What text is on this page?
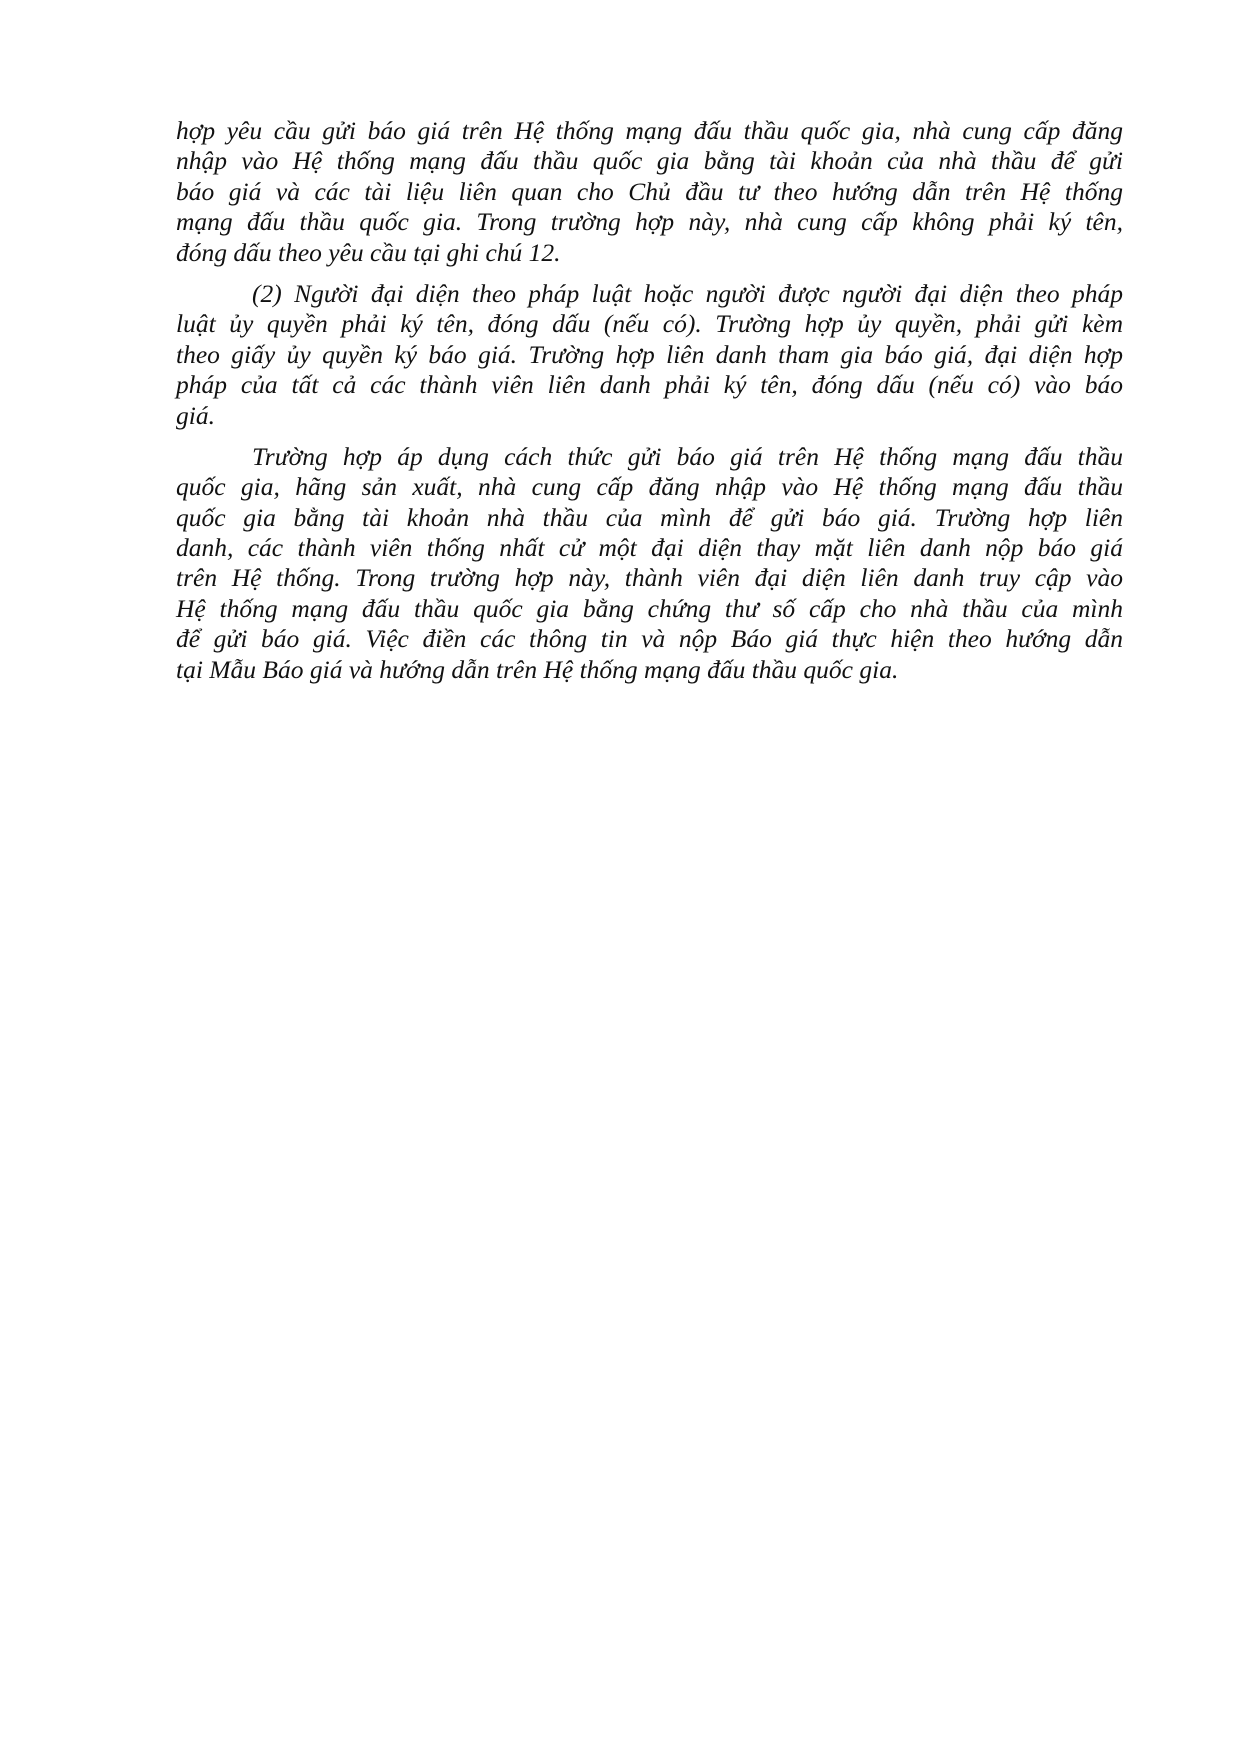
hợp yêu cầu gửi báo giá trên Hệ thống mạng đấu thầu quốc gia, nhà cung cấp đăng
nhập vào Hệ thống mạng đấu thầu quốc gia bằng tài khoản của nhà thầu để gửi
báo giá và các tài liệu liên quan cho Chủ đầu tư theo hướng dẫn trên Hệ thống
mạng đấu thầu quốc gia. Trong trường hợp này, nhà cung cấp không phải ký tên,
đóng dấu theo yêu cầu tại ghi chú 12.
(2) Người đại diện theo pháp luật hoặc người được người đại diện theo pháp
luật ủy quyền phải ký tên, đóng dấu (nếu có). Trường hợp ủy quyền, phải gửi kèm
theo giấy ủy quyền ký báo giá. Trường hợp liên danh tham gia báo giá, đại diện hợp
pháp của tất cả các thành viên liên danh phải ký tên, đóng dấu (nếu có) vào báo
giá.
Trường hợp áp dụng cách thức gửi báo giá trên Hệ thống mạng đấu thầu
quốc gia, hãng sản xuất, nhà cung cấp đăng nhập vào Hệ thống mạng đấu thầu
quốc gia bằng tài khoản nhà thầu của mình để gửi báo giá. Trường hợp liên
danh, các thành viên thống nhất cử một đại diện thay mặt liên danh nộp báo giá
trên Hệ thống. Trong trường hợp này, thành viên đại diện liên danh truy cập vào
Hệ thống mạng đấu thầu quốc gia bằng chứng thư số cấp cho nhà thầu của mình
để gửi báo giá. Việc điền các thông tin và nộp Báo giá thực hiện theo hướng dẫn
tại Mẫu Báo giá và hướng dẫn trên Hệ thống mạng đấu thầu quốc gia.
